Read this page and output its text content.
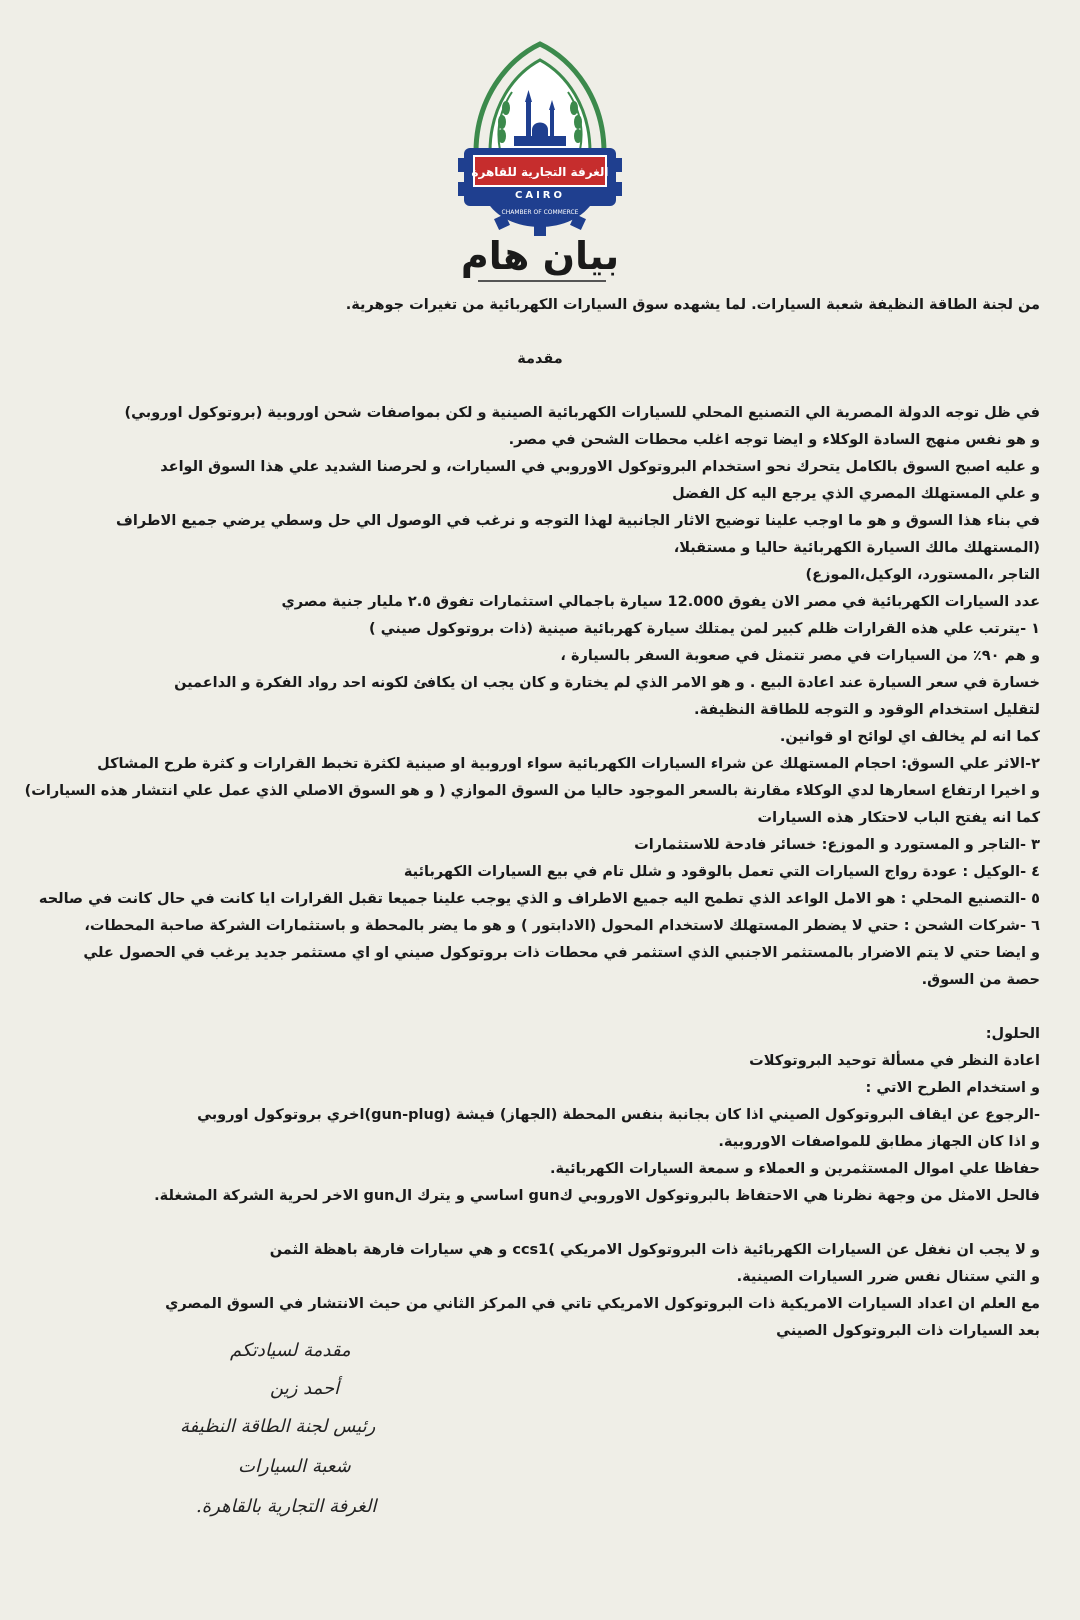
الغرفة التجارية للقاهرة
CAIRO
CHAMBER OF COMMERCE
بيان هام
من لجنة الطاقة النظيفة شعبة السيارات. لما يشهده سوق السيارات الكهربائية من تغيرات جوهرية.
مقدمة
في ظل توجه الدولة المصرية الي التصنيع المحلي للسيارات الكهربائية الصينية و لكن بمواصفات شحن اوروبية (بروتوكول اوروبي)
و هو نفس منهج السادة الوكلاء و ايضا توجه اغلب محطات الشحن في مصر.
و عليه اصبح السوق بالكامل يتحرك نحو استخدام البروتوكول الاوروبي في السيارات، و لحرصنا الشديد علي هذا السوق الواعد
و علي المستهلك المصري الذي يرجع اليه كل الفضل
في بناء هذا السوق و هو ما اوجب علينا توضيح الاثار الجانبية لهذا التوجه و نرغب في الوصول الي حل وسطي يرضي جميع الاطراف
(المستهلك مالك السيارة الكهربائية حاليا و مستقبلا،
التاجر ،المستورد، الوكيل،الموزع)
عدد السيارات الكهربائية في مصر الان يفوق 12.000 سيارة باجمالي استثمارات تفوق ٢.٥ مليار جنية مصري
١ -يترتب علي هذه القرارات ظلم كبير لمن يمتلك سيارة كهربائية صينية (ذات بروتوكول صيني )
و هم ٩٠٪ من السيارات في مصر تتمثل في صعوبة السفر بالسيارة ،
خسارة في سعر السيارة عند اعادة البيع . و هو الامر الذي لم يختارة و كان يجب ان يكافئ لكونه احد رواد الفكرة و الداعمين
لتقليل استخدام الوقود و التوجه للطاقة النظيفة.
كما انه لم يخالف اي لوائح او قوانين.
٢-الاثر علي السوق: احجام المستهلك عن شراء السيارات الكهربائية سواء اوروبية او صينية لكثرة تخبط القرارات و كثرة طرح المشاكل
و اخيرا ارتفاع اسعارها لدي الوكلاء مقارنة بالسعر الموجود حاليا من السوق الموازي ( و هو السوق الاصلي الذي عمل علي انتشار هذه السيارات)
كما انه يفتح الباب لاحتكار هذه السيارات
٣ -التاجر و المستورد و الموزع: خسائر فادحة للاستثمارات
٤ -الوكيل : عودة رواج السيارات التي تعمل بالوقود و شلل تام في بيع السيارات الكهربائية
٥ -التصنيع المحلي : هو الامل الواعد الذي تطمح اليه جميع الاطراف و الذي يوجب علينا جميعا تقبل القرارات ايا كانت في حال كانت في صالحه
٦ -شركات الشحن : حتي لا يضطر المستهلك لاستخدام المحول (الادابتور ) و هو ما يضر بالمحطة و باستثمارات الشركة صاحبة المحطات،
و ايضا حتي لا يتم الاضرار بالمستثمر الاجنبي الذي استثمر في محطات ذات بروتوكول صيني او اي مستثمر جديد يرغب في الحصول علي
حصة من السوق.
الحلول:
اعادة النظر في مسألة توحيد البروتوكلات
و استخدام الطرح الاتي :
-الرجوع عن ايقاف البروتوكول الصيني اذا كان بجانبة بنفس المحطة (الجهاز) فيشة (gun-plug)اخري بروتوكول اوروبي
و اذا كان الجهاز مطابق للمواصفات الاوروبية.
حفاظا علي اموال المستثمرين و العملاء و سمعة السيارات الكهربائية.
فالحل الامثل من وجهة نظرنا هي الاحتفاظ بالبروتوكول الاوروبي كgun اساسي و يترك الgun الاخر لحرية الشركة المشغلة.
و لا يجب ان نغفل عن السيارات الكهربائية ذات البروتوكول الامريكي )ccs1 و هي سيارات فارهة باهظة الثمن
و التي ستنال نفس ضرر السيارات الصينية.
مع العلم ان اعداد السيارات الامريكية ذات البروتوكول الامريكي تاتي في المركز الثاني من حيث الانتشار في السوق المصري
بعد السيارات ذات البروتوكول الصيني
مقدمة لسيادتكم
أحمد زين
رئيس لجنة الطاقة النظيفة
شعبة السيارات
الغرفة التجارية بالقاهرة.
